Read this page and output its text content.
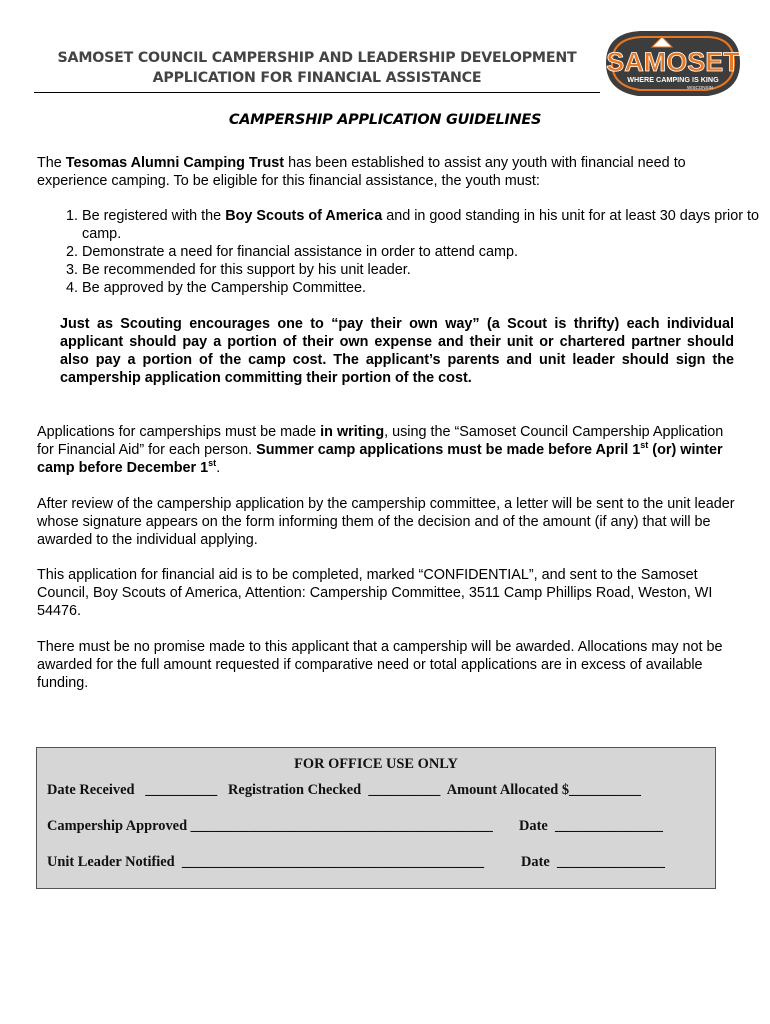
SAMOSET COUNCIL CAMPERSHIP AND LEADERSHIP DEVELOPMENT
APPLICATION FOR FINANCIAL ASSISTANCE
SAMOSET
WHERE CAMPING IS KING
WISCONSIN
CAMPERSHIP APPLICATION GUIDELINES
The Tesomas Alumni Camping Trust has been established to assist any youth with financial need to experience camping. To be eligible for this financial assistance, the youth must:
1. Be registered with the Boy Scouts of America and in good standing in his unit for at least 30 days prior to camp.
2. Demonstrate a need for financial assistance in order to attend camp.
3. Be recommended for this support by his unit leader.
4. Be approved by the Campership Committee.
Just as Scouting encourages one to “pay their own way” (a Scout is thrifty) each individual applicant should pay a portion of their own expense and their unit or chartered partner should also pay a portion of the camp cost. The applicant’s parents and unit leader should sign the campership application committing their portion of the cost.
Applications for camperships must be made in writing, using the “Samoset Council Campership Application for Financial Aid” for each person. Summer camp applications must be made before April 1st (or) winter camp before December 1st.
After review of the campership application by the campership committee, a letter will be sent to the unit leader whose signature appears on the form informing them of the decision and of the amount (if any) that will be awarded to the individual applying.
This application for financial aid is to be completed, marked “CONFIDENTIAL”, and sent to the Samoset Council, Boy Scouts of America, Attention: Campership Committee, 3511 Camp Phillips Road, Weston, WI 54476.
There must be no promise made to this applicant that a campership will be awarded. Allocations may not be awarded for the full amount requested if comparative need or total applications are in excess of available funding.
FOR OFFICE USE ONLY
Date Received   __________   Registration Checked  __________  Amount Allocated $__________
Campership Approved __________________________________________ Date  _______________
Unit Leader Notified  __________________________________________	Date  _______________
